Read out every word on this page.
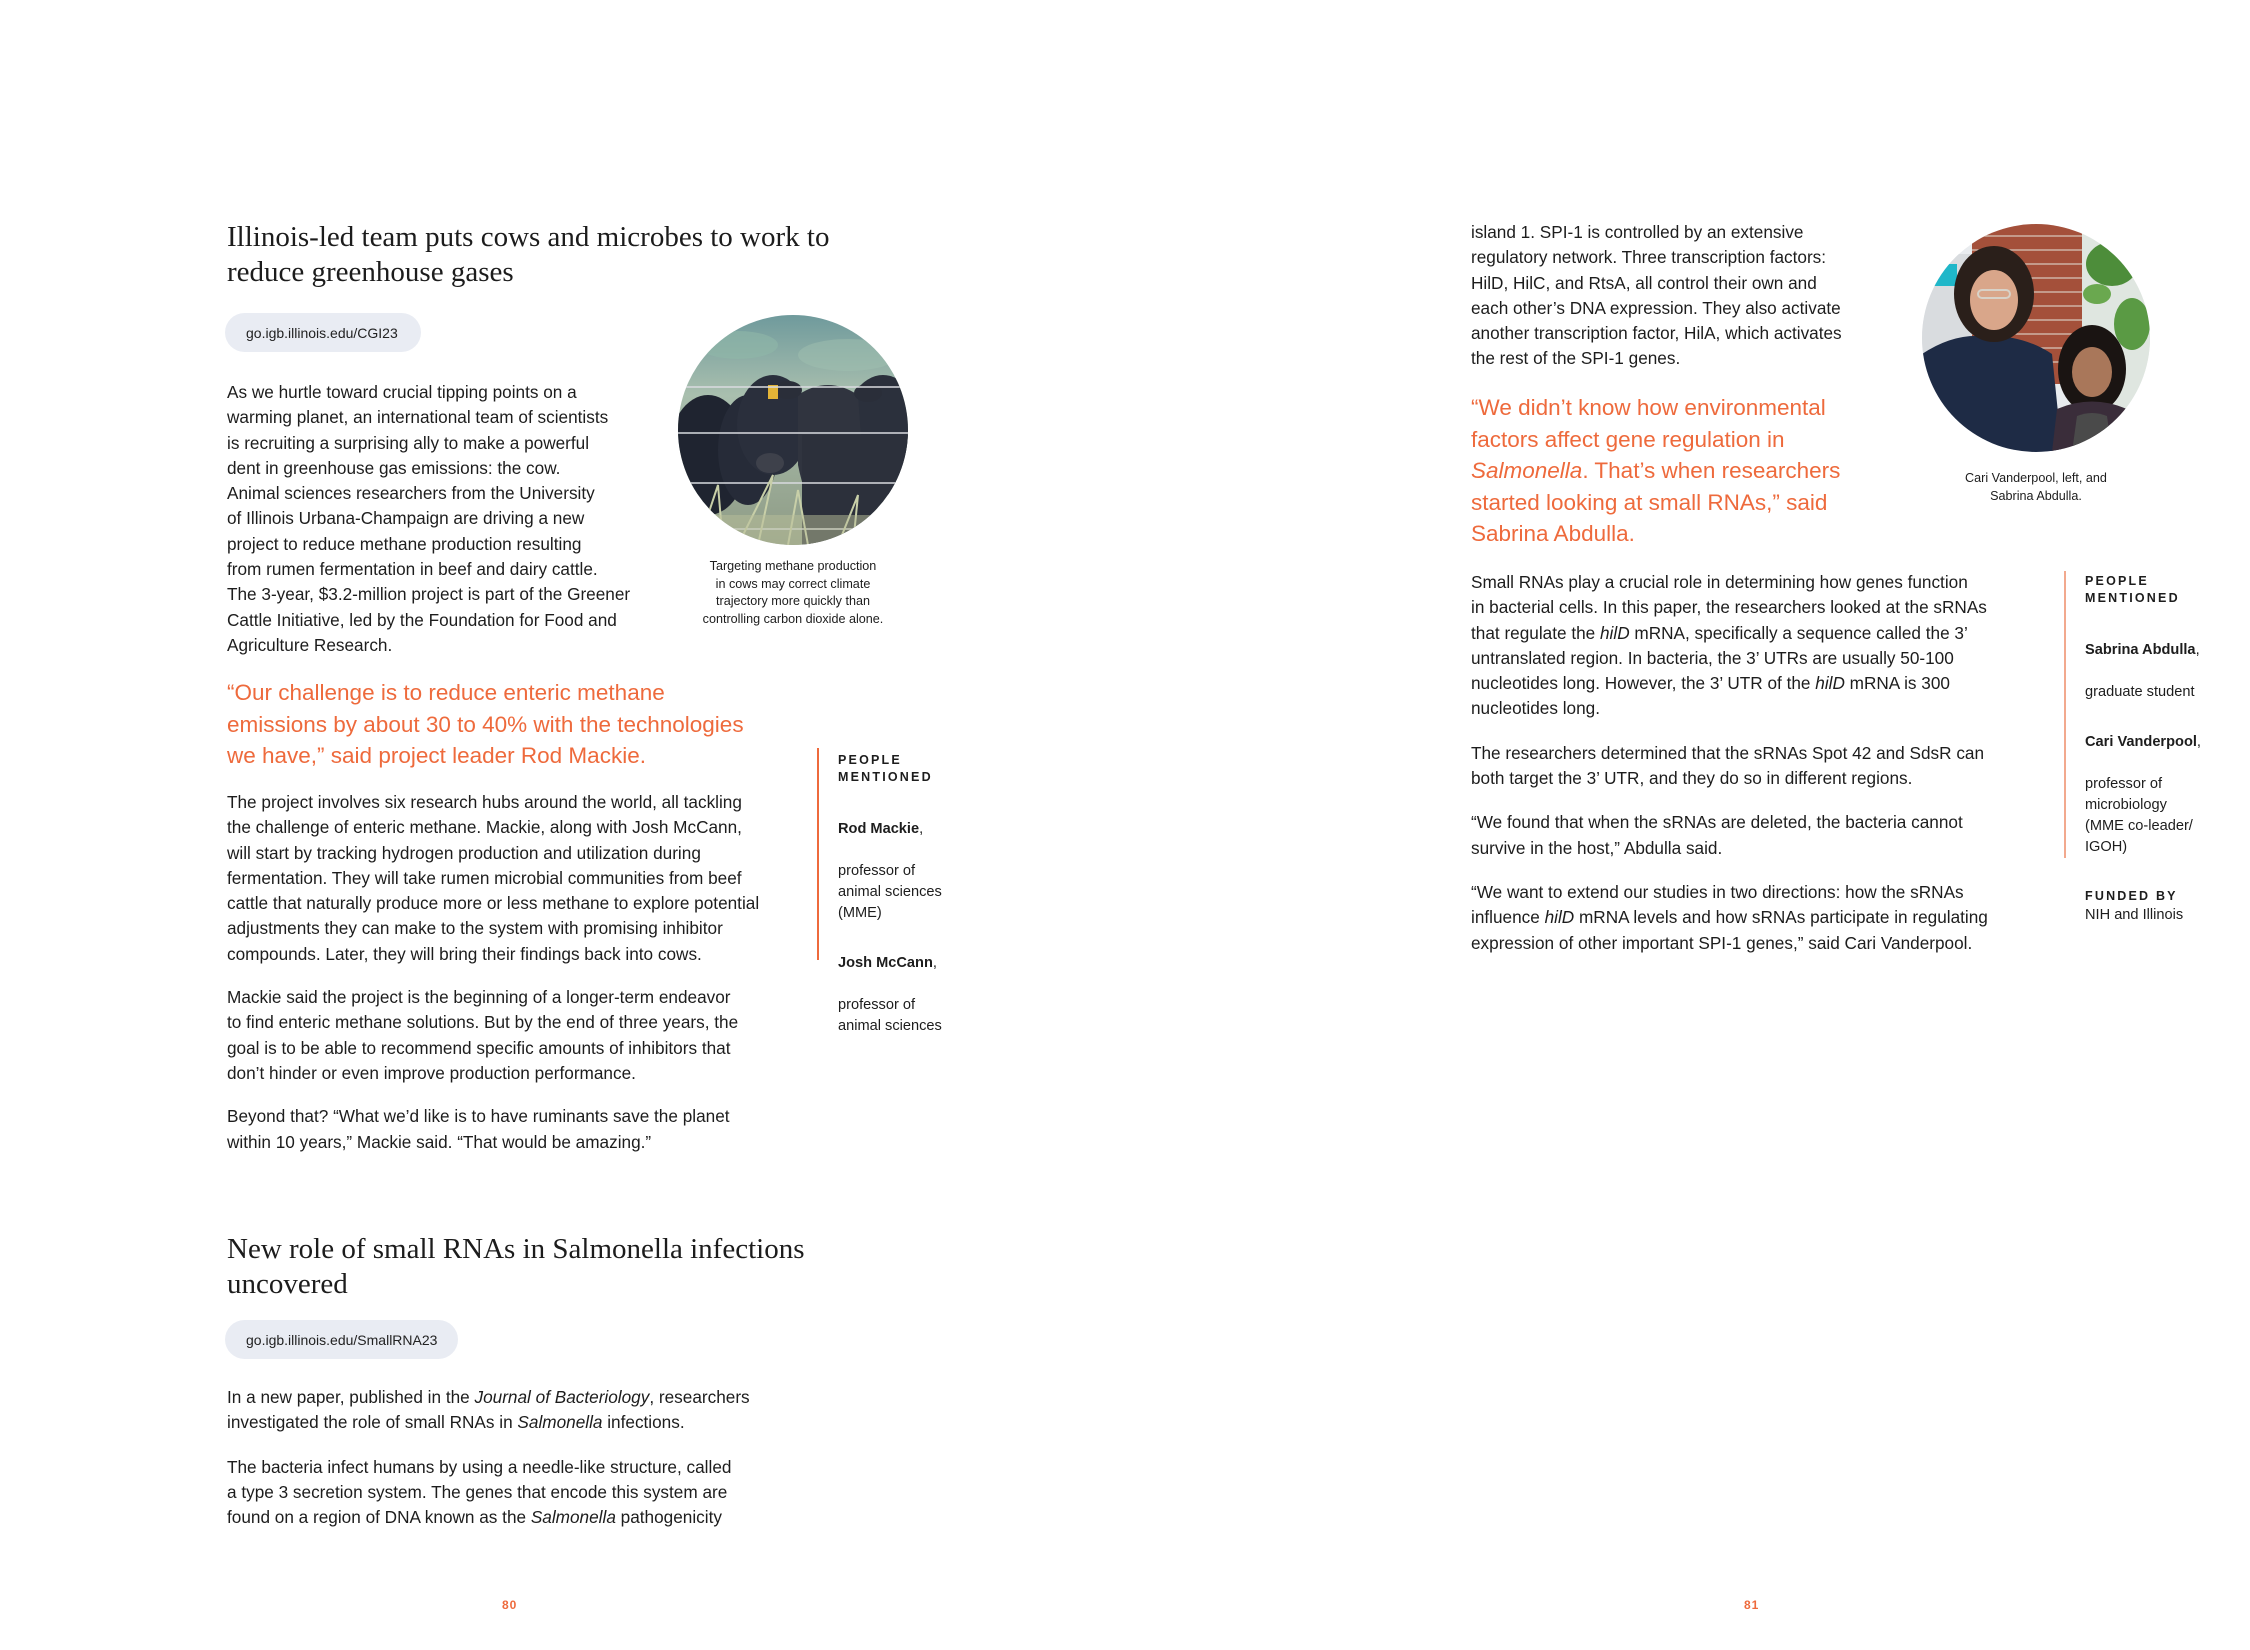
Illinois-led team puts cows and microbes to work to
reduce greenhouse gases
go.igb.illinois.edu/CGI23

As we hurtle toward crucial tipping points on a
warming planet, an international team of scientists
is recruiting a surprising ally to make a powerful
dent in greenhouse gas emissions: the cow.
Animal sciences researchers from the University
of Illinois Urbana-Champaign are driving a new
project to reduce methane production resulting
from rumen fermentation in beef and dairy cattle.
The 3-year, $3.2-million project is part of the Greener
Cattle Initiative, led by the Foundation for Food and
Agriculture Research.

Targeting methane production
in cows may correct climate
trajectory more quickly than
controlling carbon dioxide alone.

“Our challenge is to reduce enteric methane
emissions by about 30 to 40% with the technologies
we have,” said project leader Rod Mackie.

The project involves six research hubs around the world, all tackling
the challenge of enteric methane. Mackie, along with Josh McCann,
will start by tracking hydrogen production and utilization during
fermentation. They will take rumen microbial communities from beef
cattle that naturally produce more or less methane to explore potential
adjustments they can make to the system with promising inhibitor
compounds. Later, they will bring their findings back into cows.

Mackie said the project is the beginning of a longer-term endeavor
to find enteric methane solutions. But by the end of three years, the
goal is to be able to recommend specific amounts of inhibitors that
don’t hinder or even improve production performance.

Beyond that? “What we’d like is to have ruminants save the planet
within 10 years,” Mackie said. “That would be amazing.”

PEOPLE
MENTIONED

Rod Mackie,

professor of
animal sciences
(MME)

Josh McCann,

professor of
animal sciences

New role of small RNAs in Salmonella infections
uncovered
go.igb.illinois.edu/SmallRNA23

In a new paper, published in the Journal of Bacteriology, researchers
investigated the role of small RNAs in Salmonella infections.

The bacteria infect humans by using a needle-like structure, called
a type 3 secretion system. The genes that encode this system are
found on a region of DNA known as the Salmonella pathogenicity

80

island 1. SPI-1 is controlled by an extensive
regulatory network. Three transcription factors:
HilD, HilC, and RtsA, all control their own and
each other’s DNA expression. They also activate
another transcription factor, HilA, which activates
the rest of the SPI-1 genes.

“We didn’t know how environmental
factors affect gene regulation in
Salmonella. That’s when researchers
started looking at small RNAs,” said
Sabrina Abdulla.

Cari Vanderpool, left, and
Sabrina Abdulla.

Small RNAs play a crucial role in determining how genes function
in bacterial cells. In this paper, the researchers looked at the sRNAs
that regulate the hilD mRNA, specifically a sequence called the 3’
untranslated region. In bacteria, the 3’ UTRs are usually 50-100
nucleotides long. However, the 3’ UTR of the hilD mRNA is 300
nucleotides long.

The researchers determined that the sRNAs Spot 42 and SdsR can
both target the 3’ UTR, and they do so in different regions.

“We found that when the sRNAs are deleted, the bacteria cannot
survive in the host,” Abdulla said.

“We want to extend our studies in two directions: how the sRNAs
influence hilD mRNA levels and how sRNAs participate in regulating
expression of other important SPI-1 genes,” said Cari Vanderpool.

PEOPLE
MENTIONED

Sabrina Abdulla,

graduate student

Cari Vanderpool,

professor of
microbiology
(MME co-leader/
IGOH)

FUNDED BY
NIH and Illinois
81
